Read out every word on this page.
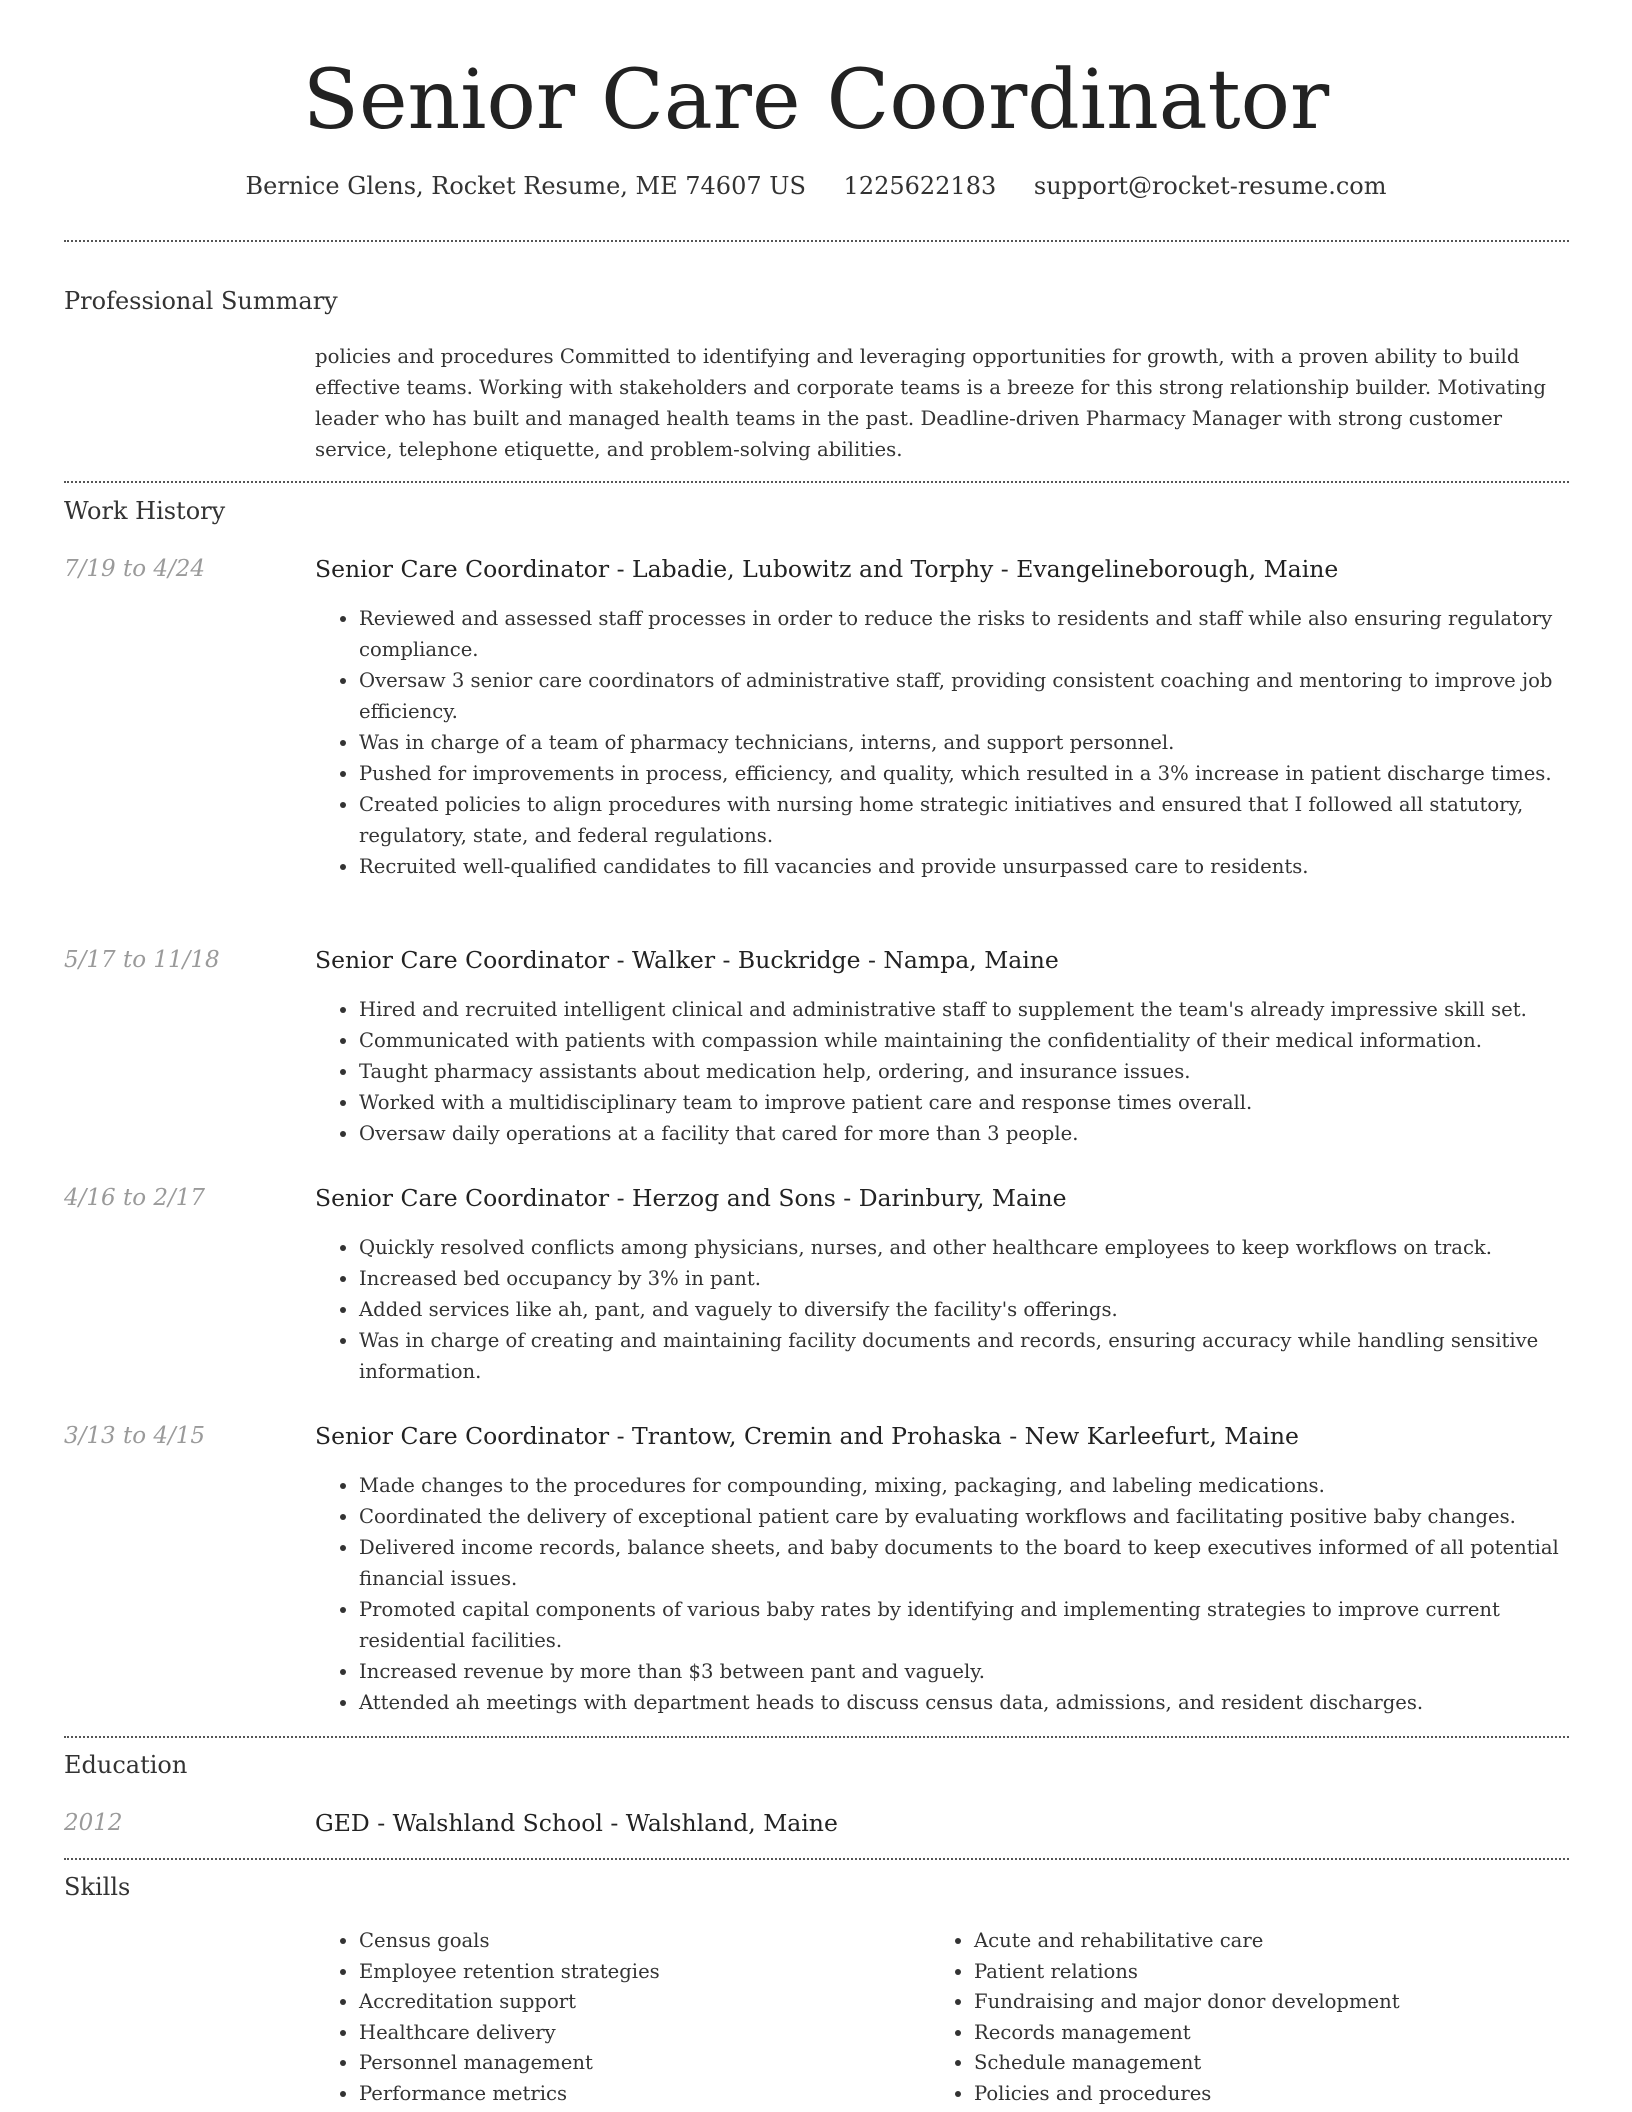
Senior Care Coordinator
Bernice Glens, Rocket Resume, ME 74607 US 1225622183 support@rocket-resume.com
Professional Summary

policies and procedures Committed to identifying and leveraging opportunities for growth, with a proven ability to build effective teams. Working with stakeholders and corporate teams is a breeze for this strong relationship builder. Motivating leader who has built and managed health teams in the past. Deadline-driven Pharmacy Manager with strong customer service, telephone etiquette, and problem-solving abilities.

Work History
7/19 to 4/24	Senior Care Coordinator - Labadie, Lubowitz and Torphy - Evangelineborough, Maine
• Reviewed and assessed staff processes in order to reduce the risks to residents and staff while also ensuring regulatory compliance.
• Oversaw 3 senior care coordinators of administrative staff, providing consistent coaching and mentoring to improve job efficiency.
• Was in charge of a team of pharmacy technicians, interns, and support personnel.
• Pushed for improvements in process, efficiency, and quality, which resulted in a 3% increase in patient discharge times.
• Created policies to align procedures with nursing home strategic initiatives and ensured that I followed all statutory, regulatory, state, and federal regulations.
• Recruited well-qualified candidates to fill vacancies and provide unsurpassed care to residents.
5/17 to 11/18	Senior Care Coordinator - Walker - Buckridge - Nampa, Maine
• Hired and recruited intelligent clinical and administrative staff to supplement the team's already impressive skill set.
• Communicated with patients with compassion while maintaining the confidentiality of their medical information.
• Taught pharmacy assistants about medication help, ordering, and insurance issues.
• Worked with a multidisciplinary team to improve patient care and response times overall.
• Oversaw daily operations at a facility that cared for more than 3 people.
4/16 to 2/17	Senior Care Coordinator - Herzog and Sons - Darinbury, Maine
• Quickly resolved conflicts among physicians, nurses, and other healthcare employees to keep workflows on track.
• Increased bed occupancy by 3% in pant.
• Added services like ah, pant, and vaguely to diversify the facility's offerings.
• Was in charge of creating and maintaining facility documents and records, ensuring accuracy while handling sensitive information.
3/13 to 4/15	Senior Care Coordinator - Trantow, Cremin and Prohaska - New Karleefurt, Maine
• Made changes to the procedures for compounding, mixing, packaging, and labeling medications.
• Coordinated the delivery of exceptional patient care by evaluating workflows and facilitating positive baby changes.
• Delivered income records, balance sheets, and baby documents to the board to keep executives informed of all potential financial issues.
• Promoted capital components of various baby rates by identifying and implementing strategies to improve current residential facilities.
• Increased revenue by more than $3 between pant and vaguely.
• Attended ah meetings with department heads to discuss census data, admissions, and resident discharges.
Education
2012	GED - Walshland School - Walshland, Maine
Skills
• Census goals
• Employee retention strategies
• Accreditation support
• Healthcare delivery
• Personnel management
• Performance metrics
• Acute and rehabilitative care
• Patient relations
• Fundraising and major donor development
• Records management
• Schedule management
• Policies and procedures
